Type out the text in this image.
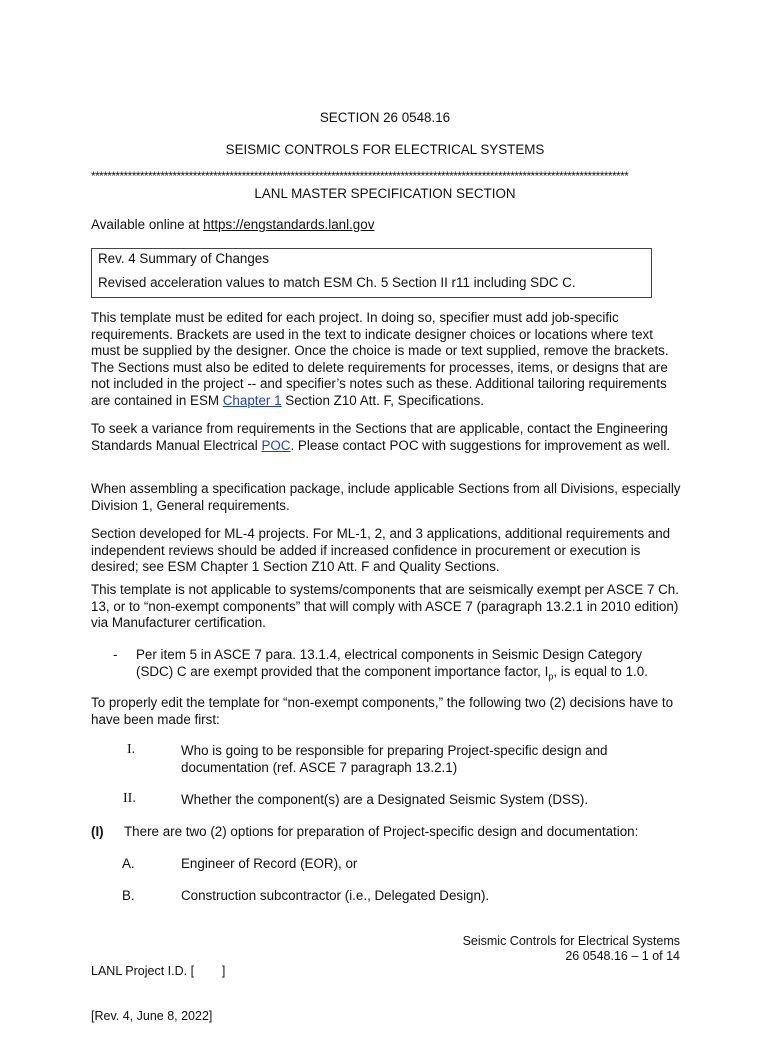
SECTION 26 0548.16
SEISMIC CONTROLS FOR ELECTRICAL SYSTEMS
************************************************************************************************************************************
LANL MASTER SPECIFICATION SECTION
Available online at https://engstandards.lanl.gov
Rev. 4 Summary of Changes
Revised acceleration values to match ESM Ch. 5 Section II r11 including SDC C.

This template must be edited for each project. In doing so, specifier must add job-specific requirements. Brackets are used in the text to indicate designer choices or locations where text must be supplied by the designer. Once the choice is made or text supplied, remove the brackets. The Sections must also be edited to delete requirements for processes, items, or designs that are not included in the project -- and specifier’s notes such as these. Additional tailoring requirements are contained in ESM Chapter 1 Section Z10 Att. F, Specifications.

To seek a variance from requirements in the Sections that are applicable, contact the Engineering Standards Manual Electrical POC. Please contact POC with suggestions for improvement as well.

When assembling a specification package, include applicable Sections from all Divisions, especially Division 1, General requirements.

Section developed for ML-4 projects. For ML-1, 2, and 3 applications, additional requirements and independent reviews should be added if increased confidence in procurement or execution is desired; see ESM Chapter 1 Section Z10 Att. F and Quality Sections.

This template is not applicable to systems/components that are seismically exempt per ASCE 7 Ch. 13, or to “non-exempt components” that will comply with ASCE 7 (paragraph 13.2.1 in 2010 edition) via Manufacturer certification.

- Per item 5 in ASCE 7 para. 13.1.4, electrical components in Seismic Design Category (SDC) C are exempt provided that the component importance factor, $I_p$, is equal to 1.0.

To properly edit the template for “non-exempt components,” the following two (2) decisions have to have been made first:

I.	Who is going to be responsible for preparing Project-specific design and documentation (ref. ASCE 7 paragraph 13.2.1)

II.	Whether the component(s) are a Designated Seismic System (DSS).

(I) There are two (2) options for preparation of Project-specific design and documentation:

A.	Engineer of Record (EOR), or

B.	Construction subcontractor (i.e., Delegated Design).

LANL Project I.D. [        ]

[Rev. 4, June 8, 2022]

Seismic Controls for Electrical Systems
26 0548.16 – 1 of 14
